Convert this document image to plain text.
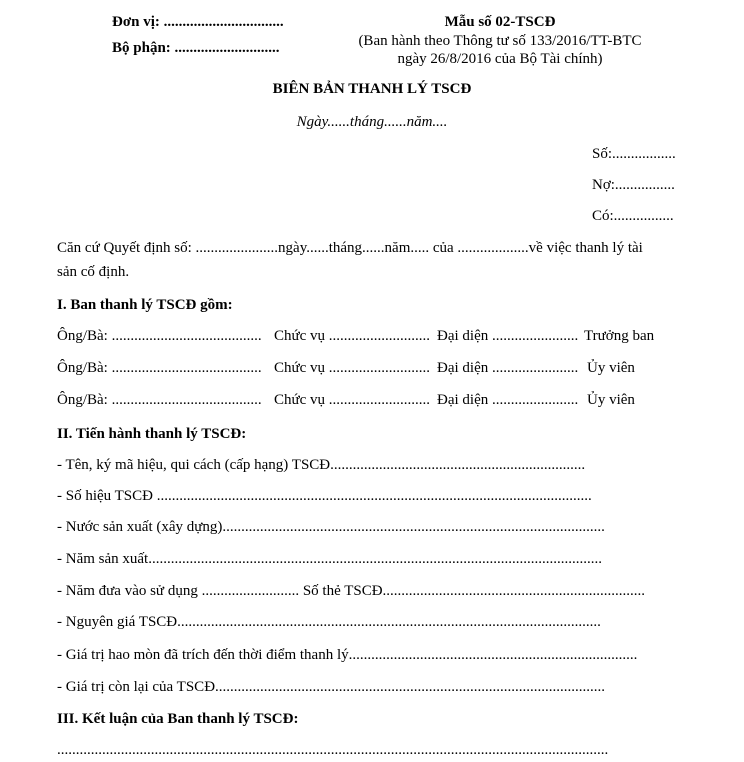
Đơn vị: ................................
Bộ phận: ............................
Mẫu số 02-TSCĐ
(Ban hành theo Thông tư số 133/2016/TT-BTC
ngày 26/8/2016 của Bộ Tài chính)
BIÊN BẢN THANH LÝ TSCĐ
Ngày......tháng......năm....
Số:.................
Nợ:................
Có:................
Căn cứ Quyết định số: ......................ngày......tháng......năm..... của ...................về việc thanh lý tài
sản cố định.
I. Ban thanh lý TSCĐ gồm:
Ông/Bà: ........................................ Chức vụ ........................... Đại diện ....................... Trưởng ban
Ông/Bà: ........................................ Chức vụ ........................... Đại diện ....................... Ủy viên
Ông/Bà: ........................................ Chức vụ ........................... Đại diện ....................... Ủy viên
II. Tiến hành thanh lý TSCĐ:
- Tên, ký mã hiệu, qui cách (cấp hạng) TSCĐ....................................................................
- Số hiệu TSCĐ ....................................................................................................................
- Nước sản xuất (xây dựng)......................................................................................................
- Năm sản xuất.........................................................................................................................
- Năm đưa vào sử dụng .......................... Số thẻ TSCĐ......................................................................
- Nguyên giá TSCĐ.................................................................................................................
- Giá trị hao mòn đã trích đến thời điểm thanh lý.............................................................................
- Giá trị còn lại của TSCĐ........................................................................................................
III. Kết luận của Ban thanh lý TSCĐ:
...................................................................................................................................................
